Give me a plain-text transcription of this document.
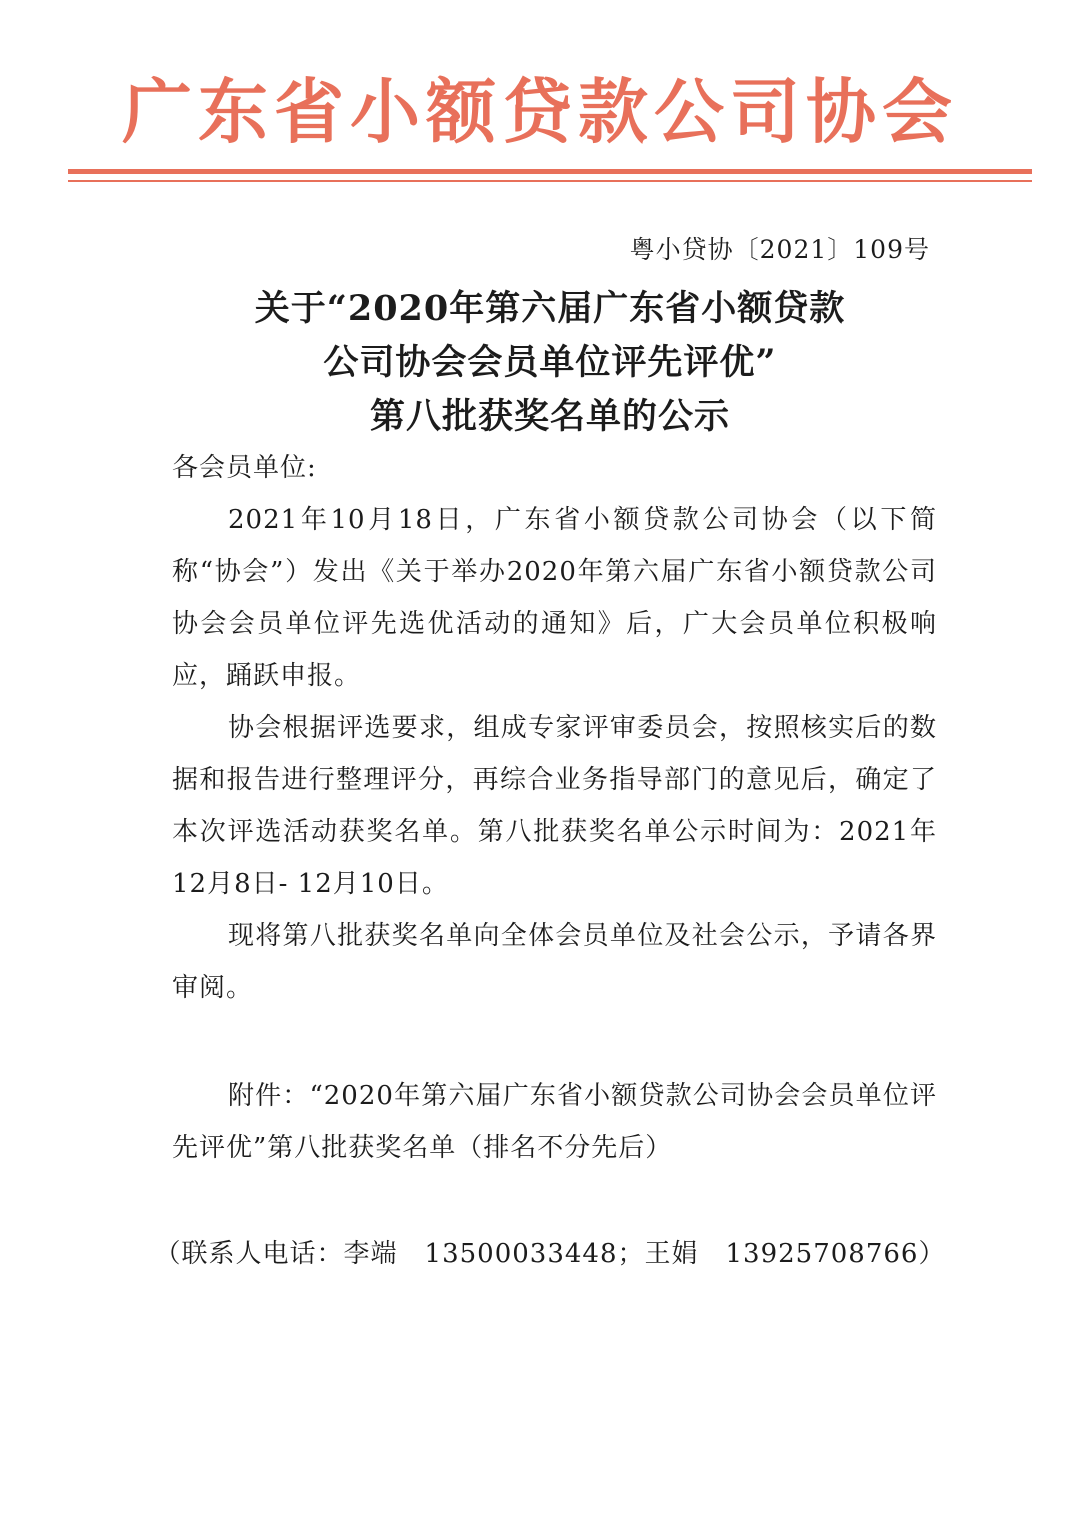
广东省小额贷款公司协会
粤小贷协〔2021〕109号
关于“2020年第六届广东省小额贷款
公司协会会员单位评先评优”
第八批获奖名单的公示

各会员单位:

2021年10月18日，广东省小额贷款公司协会（以下简称“协会”）发出《关于举办2020年第六届广东省小额贷款公司协会会员单位评先选优活动的通知》后，广大会员单位积极响应，踊跃申报。

协会根据评选要求，组成专家评审委员会，按照核实后的数据和报告进行整理评分，再综合业务指导部门的意见后，确定了本次评选活动获奖名单。第八批获奖名单公示时间为：2021年12月8日- 12月10日。

现将第八批获奖名单向全体会员单位及社会公示，予请各界审阅。

附件：“2020年第六届广东省小额贷款公司协会会员单位评先评优”第八批获奖名单（排名不分先后）

（联系人电话：李端　13500033448；王娟　13925708766）
